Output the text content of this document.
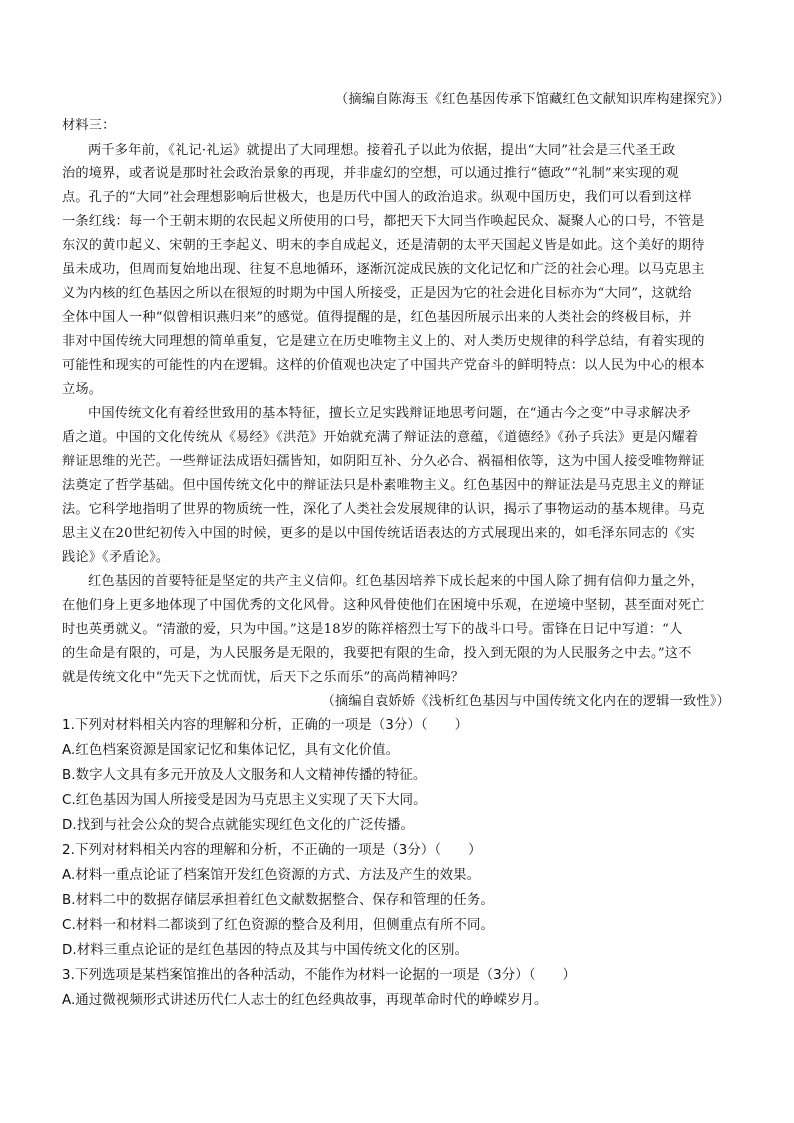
（摘编自陈海玉《红色基因传承下馆藏红色文献知识库构建探究》）
材料三：
两千多年前，《礼记·礼运》就提出了大同理想。接着孔子以此为依据，提出“大同”社会是三代圣王政
治的境界，或者说是那时社会政治景象的再现，并非虚幻的空想，可以通过推行“德政”“礼制”来实现的观
点。孔子的“大同”社会理想影响后世极大，也是历代中国人的政治追求。纵观中国历史，我们可以看到这样
一条红线：每一个王朝末期的农民起义所使用的口号，都把天下大同当作唤起民众、凝聚人心的口号，不管是
东汉的黄巾起义、宋朝的王李起义、明末的李自成起义，还是清朝的太平天国起义皆是如此。这个美好的期待
虽未成功，但周而复始地出现、往复不息地循环，逐渐沉淀成民族的文化记忆和广泛的社会心理。以马克思主
义为内核的红色基因之所以在很短的时期为中国人所接受，正是因为它的社会进化目标亦为“大同”，这就给
全体中国人一种“似曾相识燕归来”的感觉。值得提醒的是，红色基因所展示出来的人类社会的终极目标，并
非对中国传统大同理想的简单重复，它是建立在历史唯物主义上的、对人类历史规律的科学总结，有着实现的
可能性和现实的可能性的内在逻辑。这样的价值观也决定了中国共产党奋斗的鲜明特点：以人民为中心的根本
立场。
中国传统文化有着经世致用的基本特征，擅长立足实践辩证地思考问题，在“通古今之变”中寻求解决矛
盾之道。中国的文化传统从《易经》《洪范》开始就充满了辩证法的意蕴，《道德经》《孙子兵法》更是闪耀着
辩证思维的光芒。一些辩证法成语妇孺皆知，如阴阳互补、分久必合、祸福相依等，这为中国人接受唯物辩证
法奠定了哲学基础。但中国传统文化中的辩证法只是朴素唯物主义。红色基因中的辩证法是马克思主义的辩证
法。它科学地指明了世界的物质统一性，深化了人类社会发展规律的认识，揭示了事物运动的基本规律。马克
思主义在20世纪初传入中国的时候，更多的是以中国传统话语表达的方式展现出来的，如毛泽东同志的《实
践论》《矛盾论》。
红色基因的首要特征是坚定的共产主义信仰。红色基因培养下成长起来的中国人除了拥有信仰力量之外，
在他们身上更多地体现了中国优秀的文化风骨。这种风骨使他们在困境中乐观，在逆境中坚韧，甚至面对死亡
时也英勇就义。“清澈的爱，只为中国。”这是18岁的陈祥榕烈士写下的战斗口号。雷锋在日记中写道：“人
的生命是有限的，可是，为人民服务是无限的，我要把有限的生命，投入到无限的为人民服务之中去。”这不
就是传统文化中“先天下之忧而忧，后天下之乐而乐”的高尚精神吗？
（摘编自袁娇娇《浅析红色基因与中国传统文化内在的逻辑一致性》）
1.下列对材料相关内容的理解和分析，正确的一项是（3分）（　　）
A.红色档案资源是国家记忆和集体记忆，具有文化价值。
B.数字人文具有多元开放及人文服务和人文精神传播的特征。
C.红色基因为国人所接受是因为马克思主义实现了天下大同。
D.找到与社会公众的契合点就能实现红色文化的广泛传播。
2.下列对材料相关内容的理解和分析，不正确的一项是（3分）（　　）
A.材料一重点论证了档案馆开发红色资源的方式、方法及产生的效果。
B.材料二中的数据存储层承担着红色文献数据整合、保存和管理的任务。
C.材料一和材料二都谈到了红色资源的整合及利用，但侧重点有所不同。
D.材料三重点论证的是红色基因的特点及其与中国传统文化的区别。
3.下列选项是某档案馆推出的各种活动，不能作为材料一论据的一项是（3分）（　　）
A.通过微视频形式讲述历代仁人志士的红色经典故事，再现革命时代的峥嵘岁月。
